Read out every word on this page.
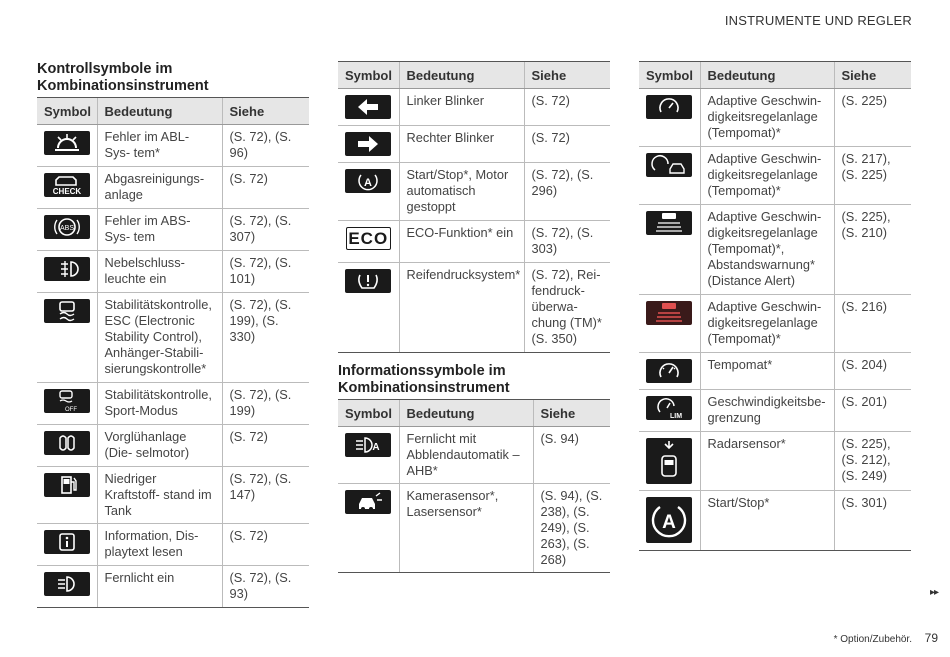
INSTRUMENTE UND REGLER
Kontrollsymbole im
Kombinationsinstrument
Symbol	Bedeutung	Siehe

	Fehler im ABL-Sys- tem*	(S. 72), (S. 96)

CHECK	Abgasreinigungs- anlage	(S. 72)

ABS	Fehler im ABS-Sys- tem	(S. 72), (S. 307)

	Nebelschluss- leuchte ein	(S. 72), (S. 101)

	Stabilitätskontrolle, ESC (Electronic Stability Control), Anhänger-Stabili- sierungskontrolle*	(S. 72), (S. 199), (S. 330)

OFF	Stabilitätskontrolle, Sport-Modus	(S. 72), (S. 199)

	Vorglühanlage (Die- selmotor)	(S. 72)

	Niedriger Kraftstoff- stand im Tank	(S. 72), (S. 147)

	Information, Dis- playtext lesen	(S. 72)

	Fernlicht ein	(S. 72), (S. 93)
Symbol	Bedeutung	Siehe

	Linker Blinker	(S. 72)

	Rechter Blinker	(S. 72)

A	Start/Stop*, Motor automatisch gestoppt	(S. 72), (S. 296)
ECO	ECO-Funktion* ein	(S. 72), (S. 303)

	Reifendrucksystem*	(S. 72), Rei- fendruck- überwa- chung (TM)* (S. 350)
Informationssymbole im
Kombinationsinstrument
Symbol	Bedeutung	Siehe

A	Fernlicht mit Abblendautomatik – AHB*	(S. 94)

	Kamerasensor*, Lasersensor*	(S. 94), (S. 238), (S. 249), (S. 263), (S. 268)
Symbol	Bedeutung	Siehe

	Adaptive Geschwin- digkeitsregelanlage (Tempomat)*	(S. 225)

	Adaptive Geschwin- digkeitsregelanlage (Tempomat)*	(S. 217), (S. 225)

	Adaptive Geschwin- digkeitsregelanlage (Tempomat)*, Abstandswarnung* (Distance Alert)	(S. 225), (S. 210)

	Adaptive Geschwin- digkeitsregelanlage (Tempomat)*	(S. 216)

	Tempomat*	(S. 204)

LIM	Geschwindigkeitsbe- grenzung	(S. 201)

	Radarsensor*	(S. 225), (S. 212), (S. 249)

A	Start/Stop*	(S. 301)
▸▸
* Option/Zubehör. 79
